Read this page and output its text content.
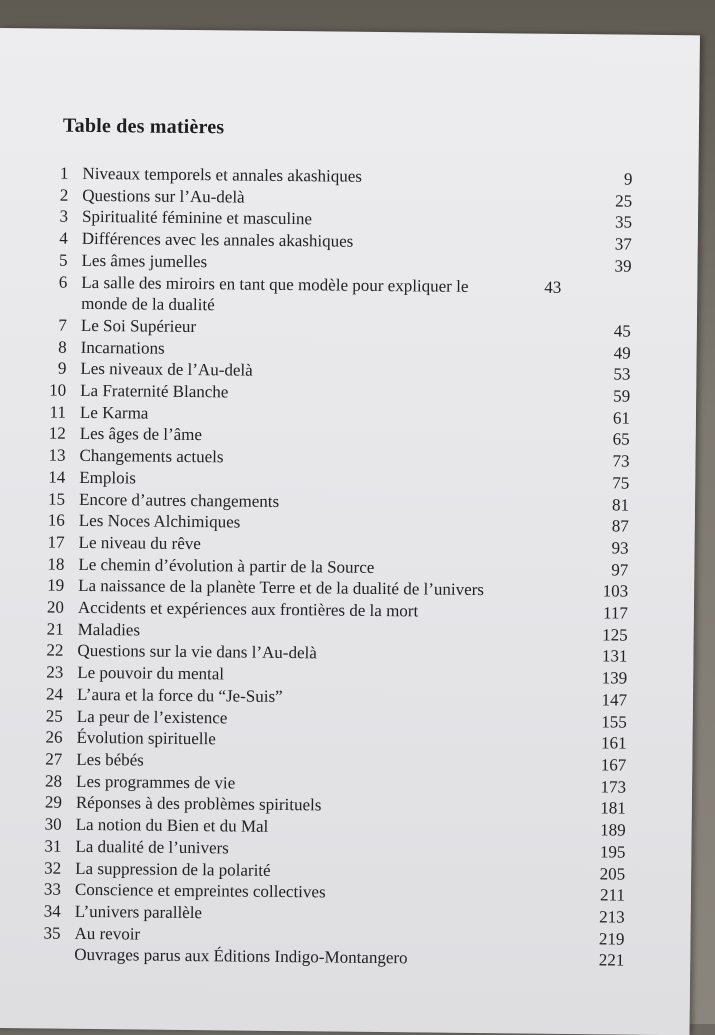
Table des matières
1 Niveaux temporels et annales akashiques	9
2 Questions sur l’Au-delà	25
3 Spiritualité féminine et masculine	35
4 Différences avec les annales akashiques	37
5 Les âmes jumelles	39
6 La salle des miroirs en tant que modèle pour expliquer le monde de la dualité
43
7 Le Soi Supérieur	45
8 Incarnations	49
9 Les niveaux de l’Au-delà	53
10 La Fraternité Blanche	59
11 Le Karma	61
12 Les âges de l’âme	65
13 Changements actuels	73
14 Emplois	75
15 Encore d’autres changements	81
16 Les Noces Alchimiques	87
17 Le niveau du rêve	93
18 Le chemin d’évolution à partir de la Source	97
19 La naissance de la planète Terre et de la dualité de l’univers	103
20 Accidents et expériences aux frontières de la mort	117
21 Maladies	125
22 Questions sur la vie dans l’Au-delà	131
23 Le pouvoir du mental	139
24 L’aura et la force du “Je-Suis”	147
25 La peur de l’existence	155
26 Évolution spirituelle	161
27 Les bébés	167
28 Les programmes de vie	173
29 Réponses à des problèmes spirituels	181
30 La notion du Bien et du Mal	189
31 La dualité de l’univers	195
32 La suppression de la polarité	205
33 Conscience et empreintes collectives	211
34 L’univers parallèle	213
35 Au revoir	219
Ouvrages parus aux Éditions Indigo-Montangero	221
